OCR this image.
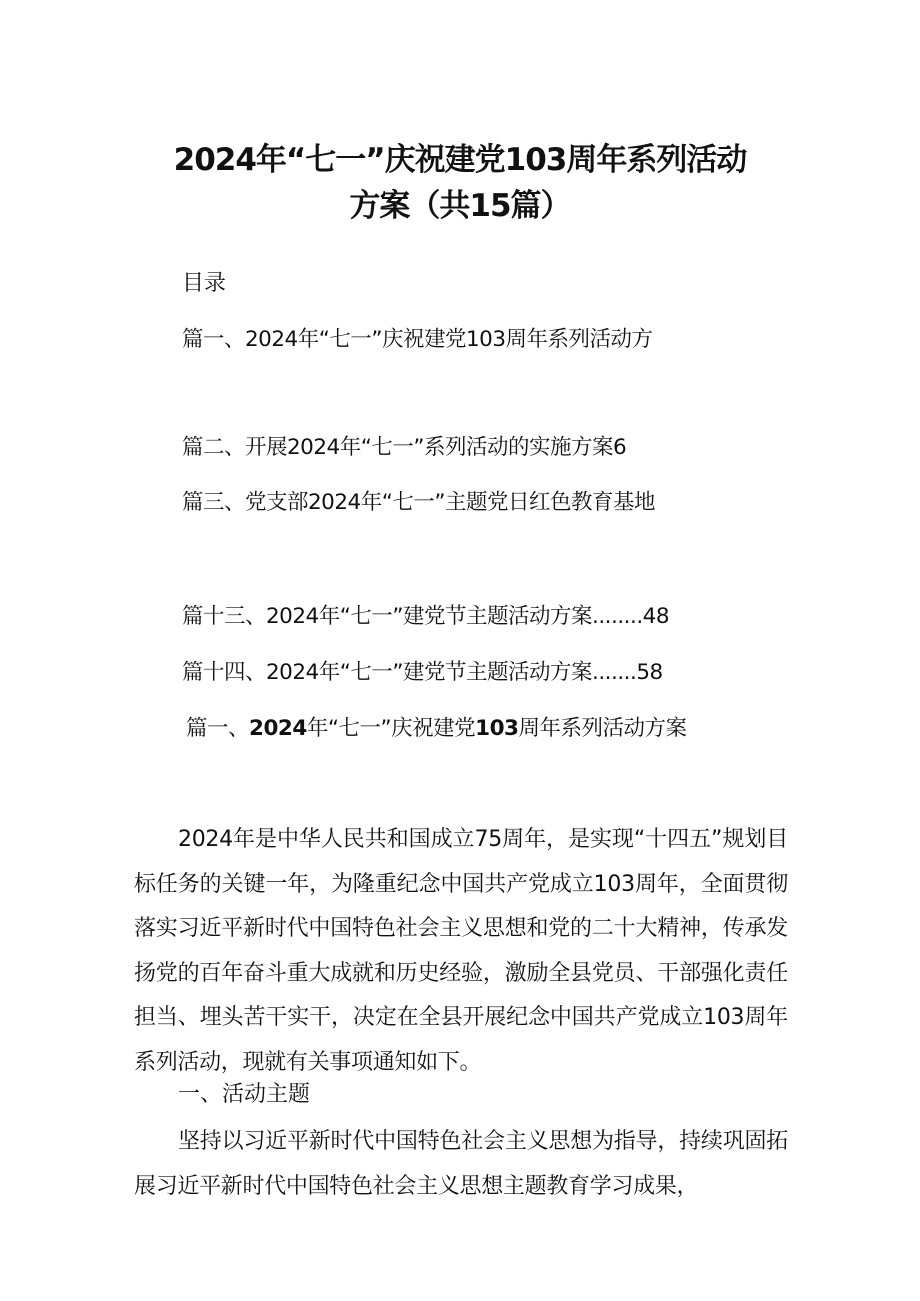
2024年“七一”庆祝建党103周年系列活动
方案（共15篇）
目录
篇一、2024年“七一”庆祝建党103周年系列活动方
篇二、开展2024年“七一”系列活动的实施方案6
篇三、党支部2024年“七一”主题党日红色教育基地
篇十三、2024年“七一”建党节主题活动方案........48
篇十四、2024年“七一”建党节主题活动方案.......58
篇一、2024年“七一”庆祝建党103周年系列活动方案

2024年是中华人民共和国成立75周年，是实现“十四五”规划目标任务的关键一年，为隆重纪念中国共产党成立103周年，全面贯彻落实习近平新时代中国特色社会主义思想和党的二十大精神，传承发扬党的百年奋斗重大成就和历史经验，激励全县党员、干部强化责任担当、埋头苦干实干，决定在全县开展纪念中国共产党成立103周年系列活动，现就有关事项通知如下。

一、活动主题

坚持以习近平新时代中国特色社会主义思想为指导，持续巩固拓展习近平新时代中国特色社会主义思想主题教育学习成果，
